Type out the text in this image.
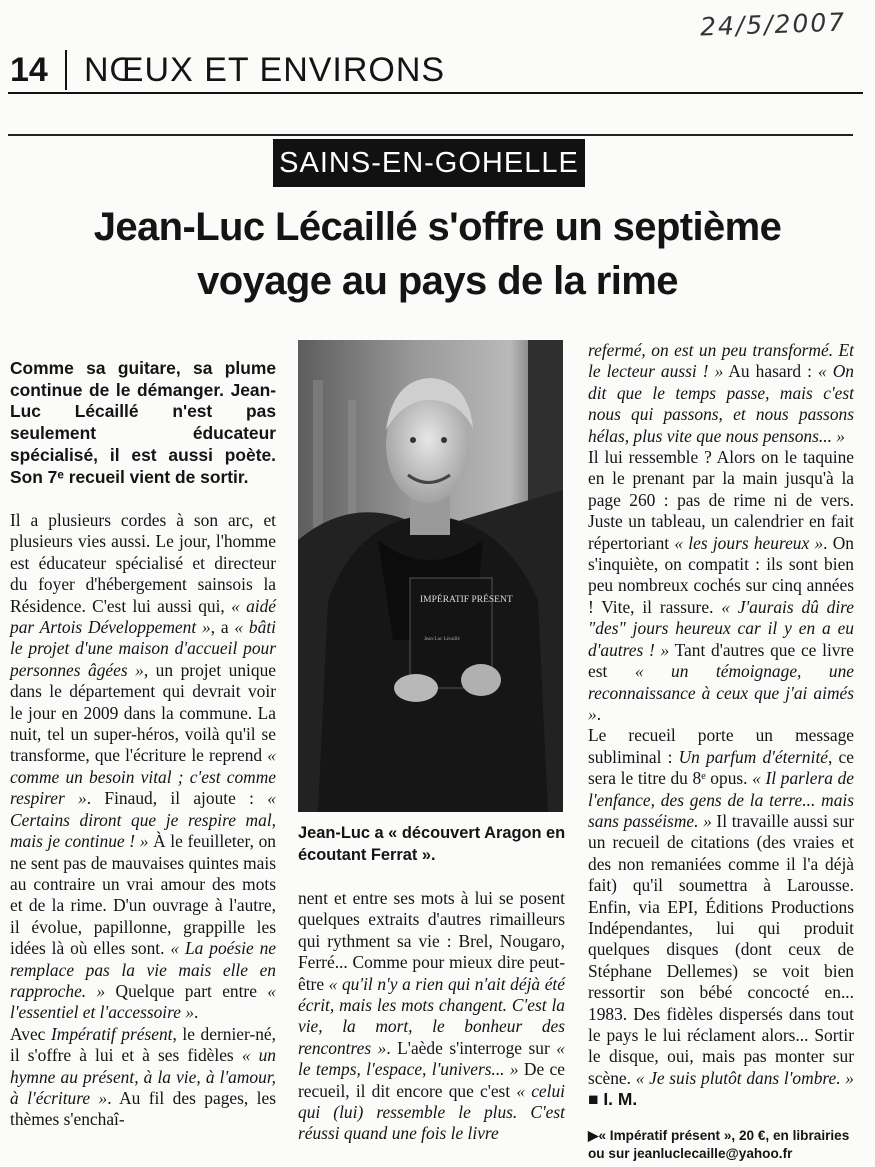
24/5/2007
14 NŒUX ET ENVIRONS
SAINS-EN-GOHELLE
Jean-Luc Lécaillé s'offre un septième
voyage au pays de la rime
Comme sa guitare, sa plume continue de le démanger. Jean-Luc Lécaillé n'est pas seulement éducateur spécialisé, il est aussi poète. Son 7ᵉ recueil vient de sortir.

Il a plusieurs cordes à son arc, et plusieurs vies aussi. Le jour, l'homme est éducateur spécialisé et directeur du foyer d'hébergement sainsois la Résidence. C'est lui aussi qui, « aidé par Artois Développement », a « bâti le projet d'une maison d'accueil pour personnes âgées », un projet unique dans le département qui devrait voir le jour en 2009 dans la commune. La nuit, tel un super-héros, voilà qu'il se transforme, que l'écriture le reprend « comme un besoin vital ; c'est comme respirer ». Finaud, il ajoute : « Certains diront que je respire mal, mais je continue ! » À le feuilleter, on ne sent pas de mauvaises quintes mais au contraire un vrai amour des mots et de la rime. D'un ouvrage à l'autre, il évolue, papillonne, grappille les idées là où elles sont. « La poésie ne remplace pas la vie mais elle en rapproche. » Quelque part entre « l'essentiel et l'accessoire ».

Avec Impératif présent, le dernier-né, il s'offre à lui et à ses fidèles « un hymne au présent, à la vie, à l'amour, à l'écriture ». Au fil des pages, les thèmes s'enchaî-

IMPÉRATIF PRÉSENT
Jean-Luc Lécaillé
Jean-Luc a « découvert Aragon en écoutant Ferrat ».

nent et entre ses mots à lui se posent quelques extraits d'autres rimailleurs qui rythment sa vie : Brel, Nougaro, Ferré... Comme pour mieux dire peut-être « qu'il n'y a rien qui n'ait déjà été écrit, mais les mots changent. C'est la vie, la mort, le bonheur des rencontres ». L'aède s'interroge sur « le temps, l'espace, l'univers... » De ce recueil, il dit encore que c'est « celui qui (lui) ressemble le plus. C'est réussi quand une fois le livre

refermé, on est un peu transformé. Et le lecteur aussi ! » Au hasard : « On dit que le temps passe, mais c'est nous qui passons, et nous passons hélas, plus vite que nous pensons... »

Il lui ressemble ? Alors on le taquine en le prenant par la main jusqu'à la page 260 : pas de rime ni de vers. Juste un tableau, un calendrier en fait répertoriant « les jours heureux ». On s'inquiète, on compatit : ils sont bien peu nombreux cochés sur cinq années ! Vite, il rassure. « J'aurais dû dire "des" jours heureux car il y en a eu d'autres ! » Tant d'autres que ce livre est « un témoignage, une reconnaissance à ceux que j'ai aimés ».

Le recueil porte un message subliminal : Un parfum d'éternité, ce sera le titre du 8ᵉ opus. « Il parlera de l'enfance, des gens de la terre... mais sans passéisme. » Il travaille aussi sur un recueil de citations (des vraies et des non remaniées comme il l'a déjà fait) qu'il soumettra à Larousse. Enfin, via EPI, Éditions Productions Indépendantes, lui qui produit quelques disques (dont ceux de Stéphane Dellemes) se voit bien ressortir son bébé concocté en... 1983. Des fidèles dispersés dans tout le pays le lui réclament alors... Sortir le disque, oui, mais pas monter sur scène. « Je suis plutôt dans l'ombre. » ■ I. M.

▶« Impératif présent », 20 €, en librairies
ou sur jeanluclecaille@yahoo.fr
